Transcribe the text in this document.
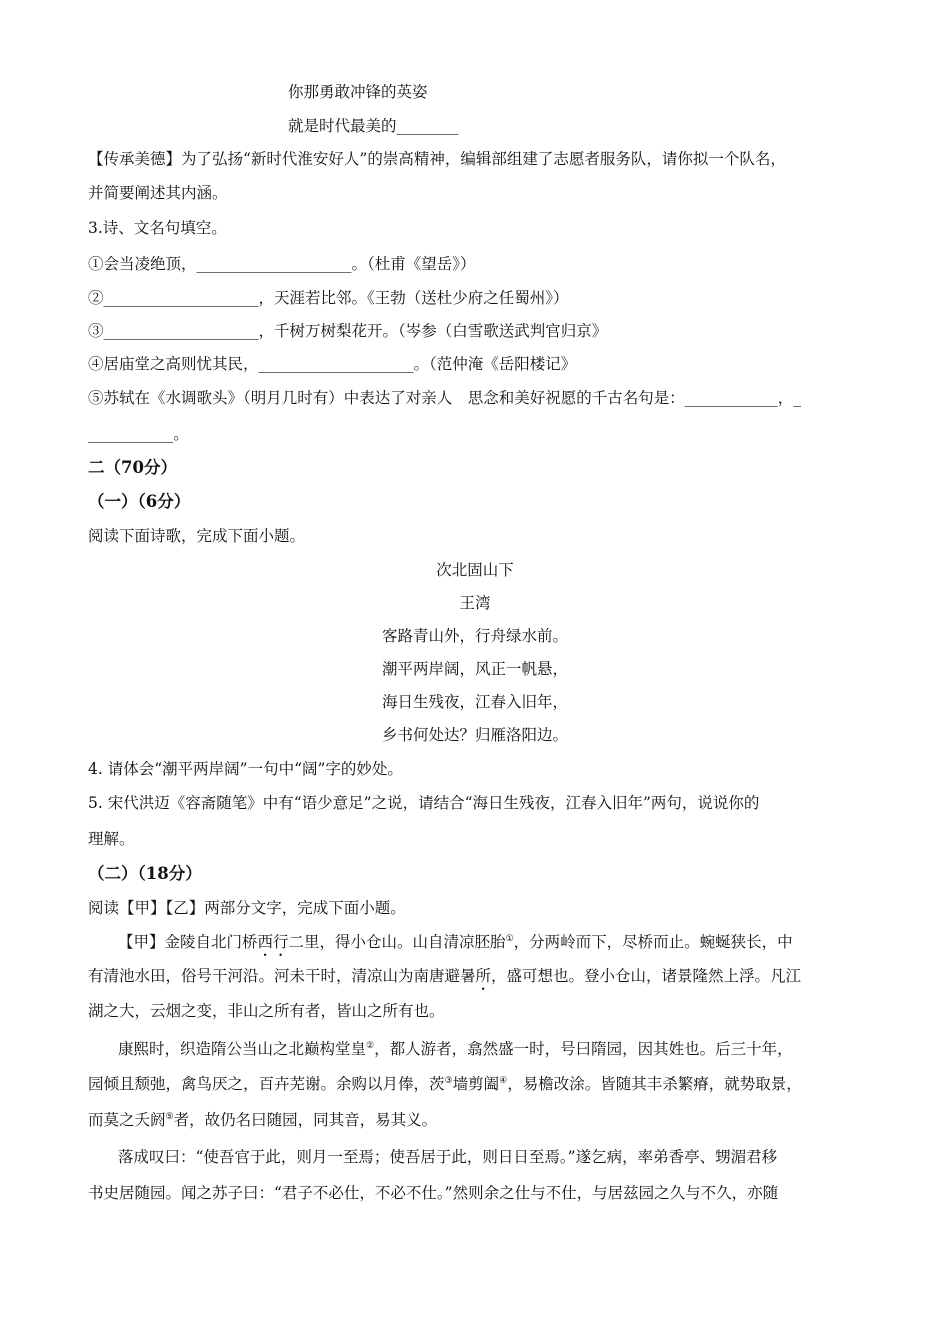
你那勇敢冲锋的英姿
就是时代最美的________
【传承美德】为了弘扬“新时代淮安好人”的崇高精神，编辑部组建了志愿者服务队，请你拟一个队名，
并简要阐述其内涵。
3.诗、文名句填空。
①会当凌绝顶，____________________。（杜甫《望岳》）
②____________________，天涯若比邻。《王勃（送杜少府之任蜀州》）
③____________________，千树万树梨花开。（岑参（白雪歌送武判官归京》
④居庙堂之高则忧其民，____________________。（范仲淹《岳阳楼记》
⑤苏轼在《水调歌头》（明月几时有）中表达了对亲人　思念和美好祝愿的千古名句是：____________，_
___________。
二（70分）
（一）（6分）
阅读下面诗歌，完成下面小题。
次北固山下
王湾
客路青山外，行舟绿水前。
潮平两岸阔，风正一帆悬，
海日生残夜，江春入旧年，
乡书何处达？归雁洛阳边。
4. 请体会“潮平两岸阔”一句中“阔”字的妙处。
5. 宋代洪迈《容斋随笔》中有“语少意足”之说，请结合“海日生残夜，江春入旧年”两句，说说你的
理解。
（二）（18分）
阅读【甲】【乙】两部分文字，完成下面小题。
【甲】金陵自北门桥西行二里，得小仓山。山自清凉胚胎①，分两岭而下，尽桥而止。蜿蜒狭长，中
有清池水田，俗号干河沿。河未干时，清凉山为南唐避暑所，盛可想也。登小仓山，诸景隆然上浮。凡江
湖之大，云烟之变，非山之所有者，皆山之所有也。
康熙时，织造隋公当山之北巅构堂皇②，都人游者，翕然盛一时，号曰隋园，因其姓也。后三十年，
园倾且颓弛，禽鸟厌之，百卉芜谢。余购以月俸，茨③墙剪阖④，易檐改涂。皆随其丰杀繁瘠，就势取景，
而莫之夭阏⑤者，故仍名曰随园，同其音，易其义。
落成叹曰：“使吾官于此，则月一至焉；使吾居于此，则日日至焉。”遂乞病，率弟香亭、甥湄君移
书史居随园。闻之苏子曰：“君子不必仕，不必不仕。”然则余之仕与不仕，与居兹园之久与不久，亦随
